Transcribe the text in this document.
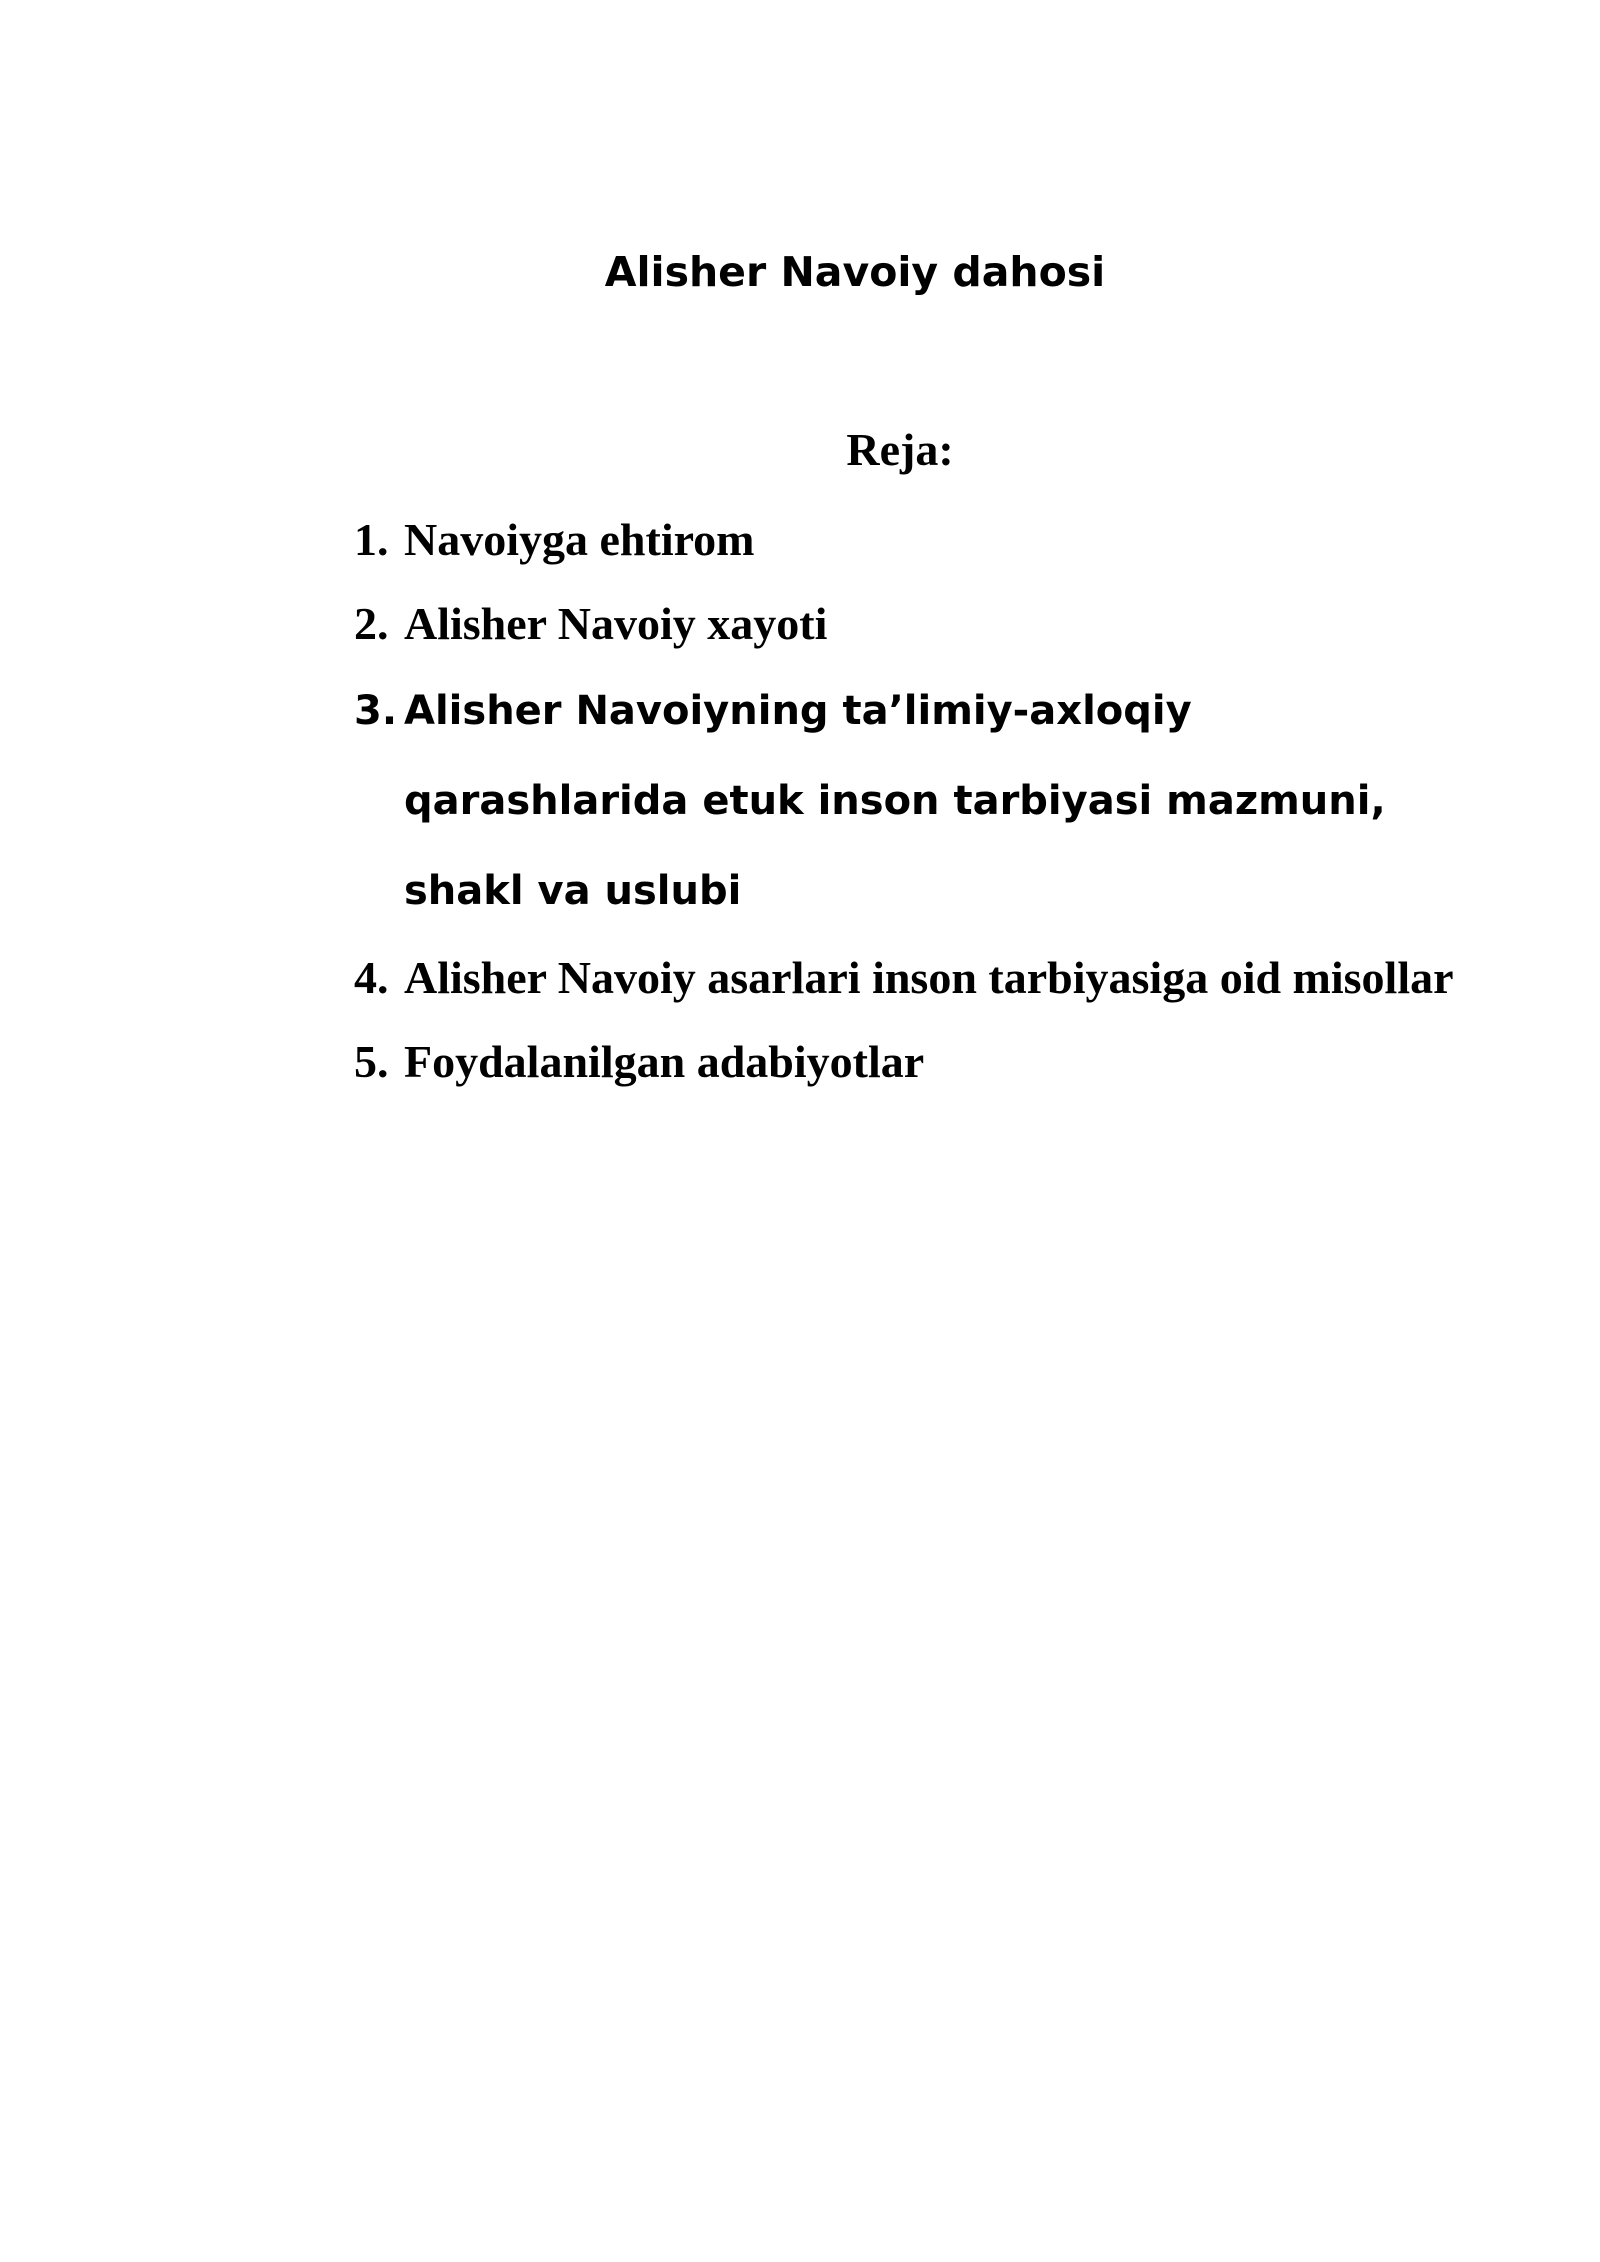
Alisher Navoiy dahosi
Reja:
1. Navoiyga ehtirom
2. Alisher Navoiy xayoti
3. Alisher Navoiyning ta’limiy-axloqiy qarashlarida etuk inson tarbiyasi mazmuni, shakl va uslubi
4. Alisher Navoiy asarlari inson tarbiyasiga oid misollar
5. Foydalanilgan adabiyotlar
